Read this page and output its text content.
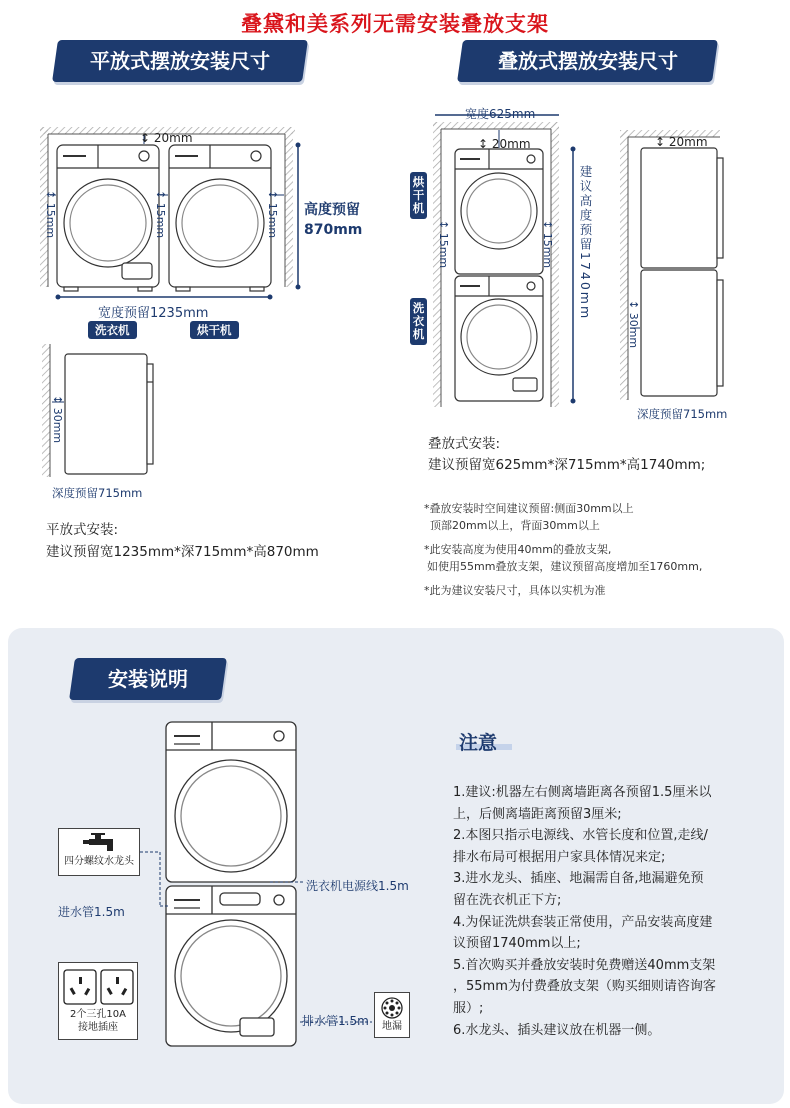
叠黛和美系列无需安装叠放支架
平放式摆放安装尺寸	叠放式摆放安装尺寸
↕ 20mm
↕ 15mm
↕ 15mm
↕ 15mm 高度预留
870mm
宽度预留1235mm
洗衣机	烘干机
↕ 30mm
深度预留715mm
平放式安装:
建议预留宽1235mm*深715mm*高870mm
宽度625mm
↕ 20mm
↕ 15mm
↕ 15mm
烘干机
洗衣机
建议高度预留1740mm
↕ 20mm
↕ 30mm
深度预留715mm
叠放式安装:
建议预留宽625mm*深715mm*高1740mm;
*叠放安装时空间建议预留:侧面30mm以上
顶部20mm以上，背面30mm以上
*此安装高度为使用40mm的叠放支架,
如使用55mm叠放支架，建议预留高度增加至1760mm,
*此为建议安装尺寸，具体以实机为准
安装说明
四分螺纹水龙头
进水管1.5m
洗衣机电源线1.5m
2个三孔10A
接地插座	排水管1.5m	地漏
注意

1.建议:机器左右侧离墙距离各预留1.5厘米以

上，后侧离墙距离预留3厘米;

2.本图只指示电源线、水管长度和位置,走线/

排水布局可根据用户家具体情况来定;

3.进水龙头、插座、地漏需自备,地漏避免预

留在洗衣机正下方;

4.为保证洗烘套装正常使用，产品安装高度建

议预留1740mm以上;

5.首次购买并叠放安装时免费赠送40mm支架

，55mm为付费叠放支架（购买细则请咨询客

服）;

6.水龙头、插头建议放在机器一侧。
